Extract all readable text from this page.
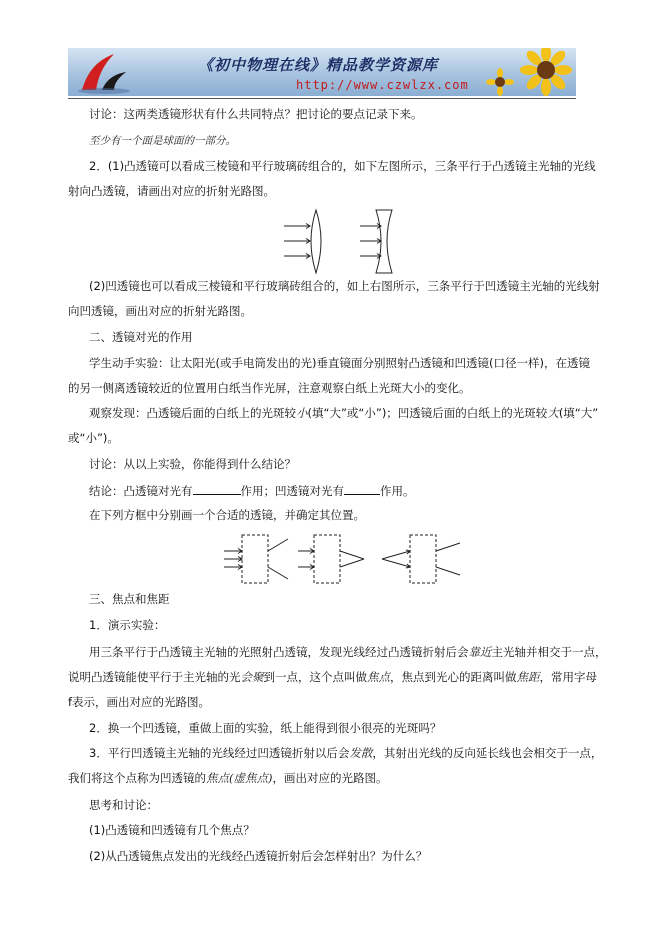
《初中物理在线》精品教学资源库
http://www.czwlzx.com
讨论：这两类透镜形状有什么共同特点？把讨论的要点记录下来。
至少有一个面是球面的一部分。
2．(1)凸透镜可以看成三棱镜和平行玻璃砖组合的，如下左图所示，三条平行于凸透镜主光轴的光线
射向凸透镜，请画出对应的折射光路图。
(2)凹透镜也可以看成三棱镜和平行玻璃砖组合的，如上右图所示，三条平行于凹透镜主光轴的光线射
向凹透镜，画出对应的折射光路图。
二、透镜对光的作用
学生动手实验：让太阳光(或手电筒发出的光)垂直镜面分别照射凸透镜和凹透镜(口径一样)，在透镜
的另一侧离透镜较近的位置用白纸当作光屏，注意观察白纸上光斑大小的变化。
观察发现：凸透镜后面的白纸上的光斑较小(填“大”或“小”)；凹透镜后面的白纸上的光斑较大(填“大”
或“小”)。
讨论：从以上实验，你能得到什么结论？
结论：凸透镜对光有	作用；凹透镜对光有	作用。
在下列方框中分别画一个合适的透镜，并确定其位置。
三、焦点和焦距
1．演示实验：
用三条平行于凸透镜主光轴的光照射凸透镜，发现光线经过凸透镜折射后会靠近主光轴并相交于一点，
说明凸透镜能使平行于主光轴的光会聚到一点，这个点叫做焦点，焦点到光心的距离叫做焦距，常用字母
f表示，画出对应的光路图。
2．换一个凹透镜，重做上面的实验，纸上能得到很小很亮的光斑吗？
3．平行凹透镜主光轴的光线经过凹透镜折射以后会发散，其射出光线的反向延长线也会相交于一点，
我们将这个点称为凹透镜的焦点(虚焦点)，画出对应的光路图。
思考和讨论：
(1)凸透镜和凹透镜有几个焦点？
(2)从凸透镜焦点发出的光线经凸透镜折射后会怎样射出？为什么？
